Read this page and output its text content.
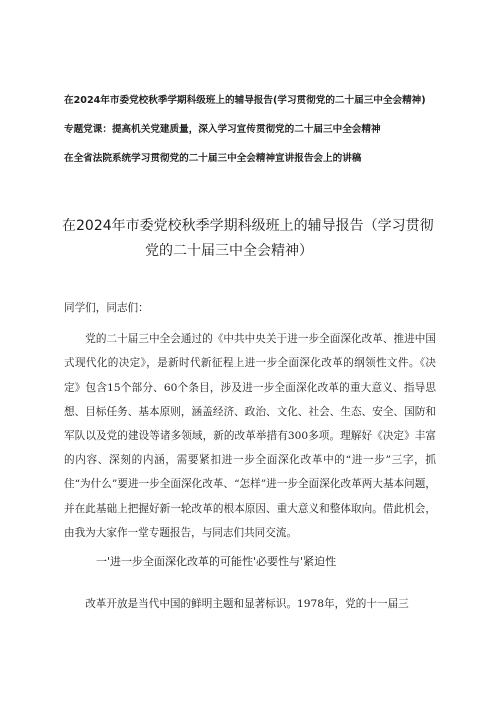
在2024年市委党校秋季学期科级班上的辅导报告(学习贯彻党的二十届三中全会精神)
专题党课：提高机关党建质量，深入学习宣传贯彻党的二十届三中全会精神
在全省法院系统学习贯彻党的二十届三中全会精神宣讲报告会上的讲稿
在2024年市委党校秋季学期科级班上的辅导报告（学习贯彻
党的二十届三中全会精神）
同学们，同志们：

党的二十届三中全会通过的《中共中央关于进一步全面深化改革、推进中国式现代化的决定》，是新时代新征程上进一步全面深化改革的纲领性文件。《决定》包含15个部分、60个条目，涉及进一步全面深化改革的重大意义、指导思想、目标任务、基本原则，涵盖经济、政治、文化、社会、生态、安全、国防和军队以及党的建设等诸多领域，新的改革举措有300多项。理解好《决定》丰富的内容、深刻的内涵，需要紧扣进一步全面深化改革中的“进一步”三字，抓住“为什么”要进一步全面深化改革、“怎样”进一步全面深化改革两大基本问题，并在此基础上把握好新一轮改革的根本原因、重大意义和整体取向。借此机会，由我为大家作一堂专题报告，与同志们共同交流。

一'进一步全面深化改革的可能性'必要性与'紧迫性
改革开放是当代中国的鲜明主题和显著标识。1978年，党的十一届三
